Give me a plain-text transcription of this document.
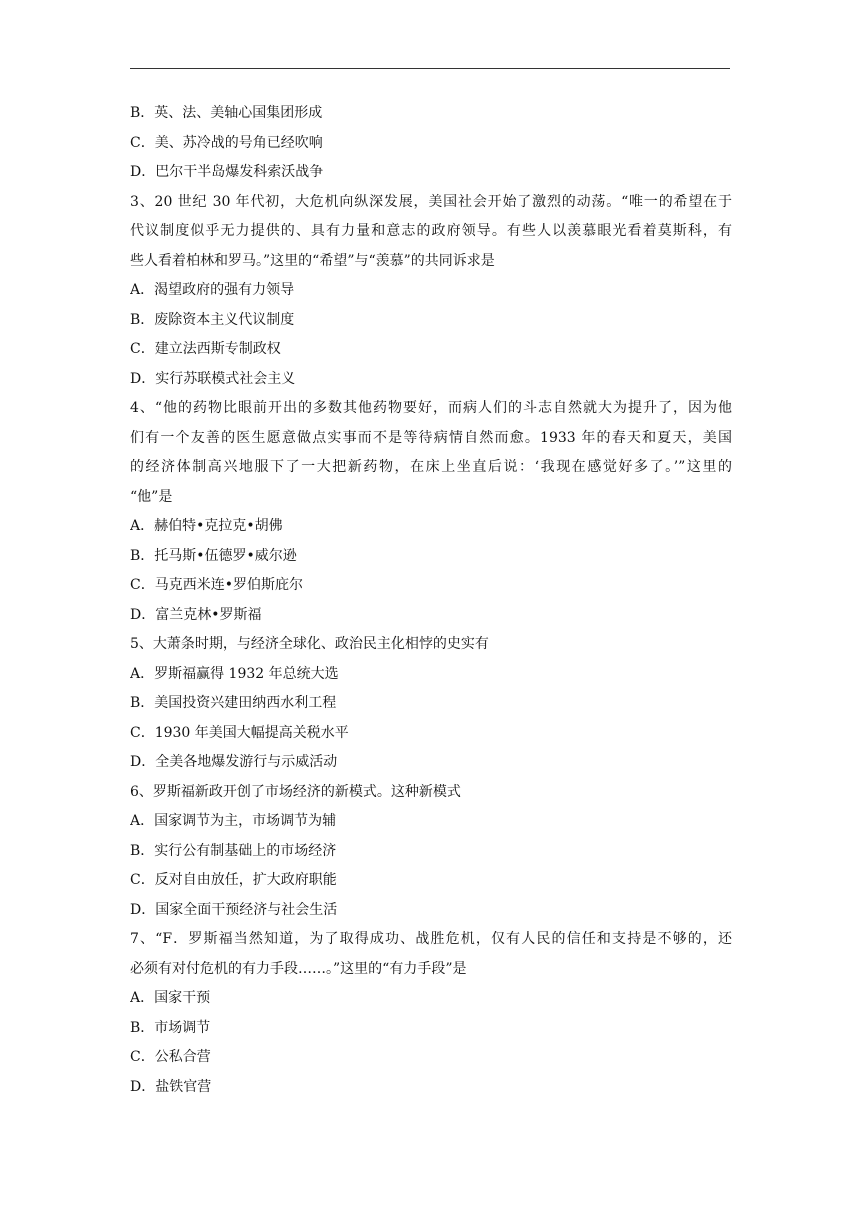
B．英、法、美轴心国集团形成
C．美、苏冷战的号角已经吹响
D．巴尔干半岛爆发科索沃战争
3、20 世纪 30 年代初，大危机向纵深发展，美国社会开始了激烈的动荡。“唯一的希望在于
代议制度似乎无力提供的、具有力量和意志的政府领导。有些人以羡慕眼光看着莫斯科，有
些人看着柏林和罗马。”这里的“希望”与“羡慕”的共同诉求是
A．渴望政府的强有力领导
B．废除资本主义代议制度
C．建立法西斯专制政权
D．实行苏联模式社会主义
4、“他的药物比眼前开出的多数其他药物要好，而病人们的斗志自然就大为提升了，因为他
们有一个友善的医生愿意做点实事而不是等待病情自然而愈。1933 年的春天和夏天，美国
的经济体制高兴地服下了一大把新药物，在床上坐直后说：‘我现在感觉好多了。’”这里的
“他”是
A．赫伯特•克拉克•胡佛
B．托马斯•伍德罗•威尔逊
C．马克西米连•罗伯斯庇尔
D．富兰克林•罗斯福
5、大萧条时期，与经济全球化、政治民主化相悖的史实有
A．罗斯福赢得 1932 年总统大选
B．美国投资兴建田纳西水利工程
C．1930 年美国大幅提高关税水平
D．全美各地爆发游行与示威活动
6、罗斯福新政开创了市场经济的新模式。这种新模式
A．国家调节为主，市场调节为辅
B．实行公有制基础上的市场经济
C．反对自由放任，扩大政府职能
D．国家全面干预经济与社会生活
7、“F．罗斯福当然知道，为了取得成功、战胜危机，仅有人民的信任和支持是不够的，还
必须有对付危机的有力手段……。”这里的“有力手段”是
A．国家干预
B．市场调节
C．公私合营
D．盐铁官营
